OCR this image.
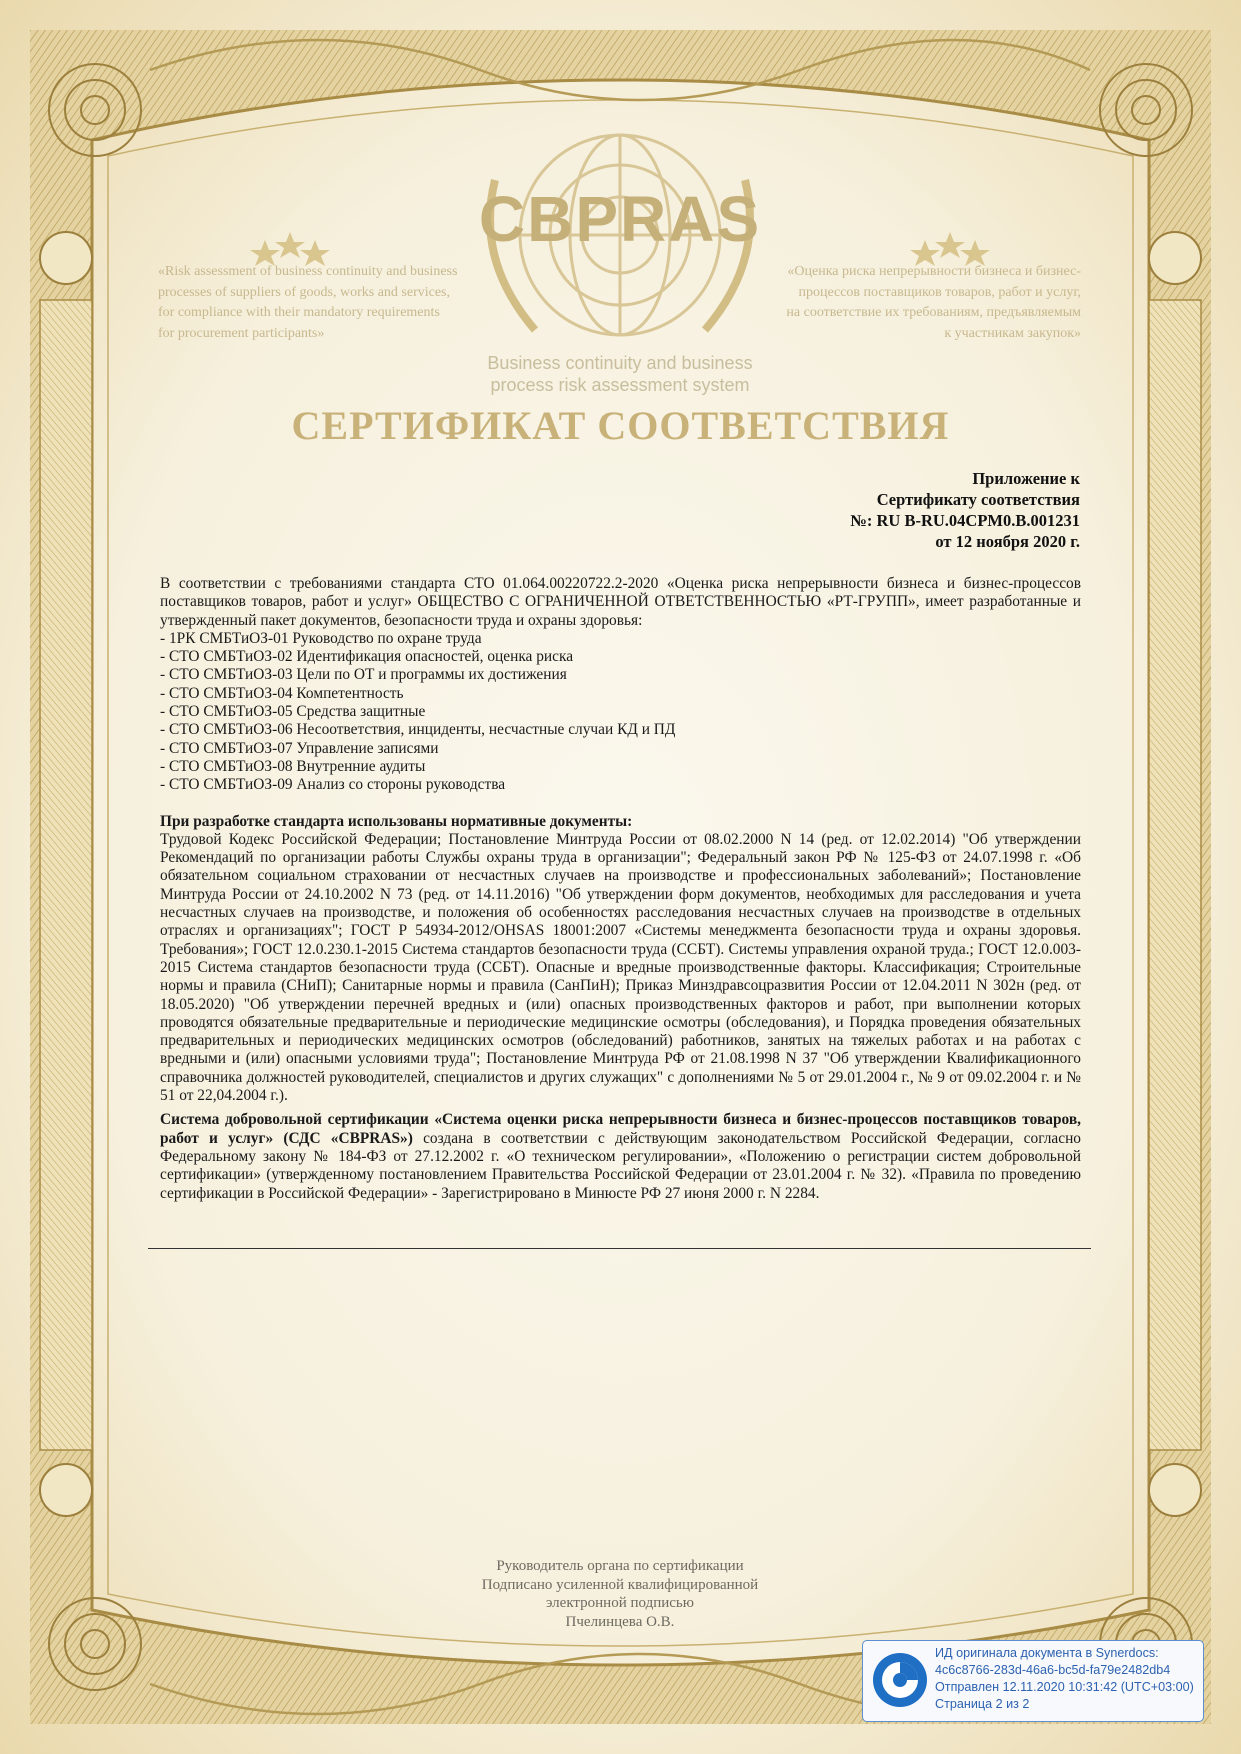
CBPRAS
«Risk assessment of business continuity and business processes of suppliers of goods, works and services, for compliance with their mandatory requirements for procurement participants»
«Оценка риска непрерывности бизнеса и бизнес-процессов поставщиков товаров, работ и услуг, на соответствие их требованиям, предъявляемым к участникам закупок»
Business continuity and business
process risk assessment system
СЕРТИФИКАТ СООТВЕТСТВИЯ
Приложение к
Сертификату соответствия
№: RU B-RU.04CPM0.B.001231
от 12 ноября 2020 г.

В соответствии с требованиями стандарта СТО 01.064.00220722.2-2020 «Оценка риска непрерывности бизнеса и бизнес-процессов поставщиков товаров, работ и услуг» ОБЩЕСТВО С ОГРАНИЧЕННОЙ ОТВЕТСТВЕННОСТЬЮ «РТ-ГРУПП», имеет разработанные и утвержденный пакет документов, безопасности труда и охраны здоровья:

- 1РК СМБТиОЗ-01 Руководство по охране труда

- СТО СМБТиОЗ-02 Идентификация опасностей, оценка риска

- СТО СМБТиОЗ-03 Цели по ОТ и программы их достижения

- СТО СМБТиОЗ-04 Компетентность

- СТО СМБТиОЗ-05 Средства защитные

- СТО СМБТиОЗ-06 Несоответствия, инциденты, несчастные случаи КД и ПД

- СТО СМБТиОЗ-07 Управление записями

- СТО СМБТиОЗ-08 Внутренние аудиты

- СТО СМБТиОЗ-09 Анализ со стороны руководства

При разработке стандарта использованы нормативные документы:

Трудовой Кодекс Российской Федерации; Постановление Минтруда России от 08.02.2000 N 14 (ред. от 12.02.2014) "Об утверждении Рекомендаций по организации работы Службы охраны труда в организации"; Федеральный закон РФ № 125-ФЗ от 24.07.1998 г. «Об обязательном социальном страховании от несчастных случаев на производстве и профессиональных заболеваний»; Постановление Минтруда России от 24.10.2002 N 73 (ред. от 14.11.2016) "Об утверждении форм документов, необходимых для расследования и учета несчастных случаев на производстве, и положения об особенностях расследования несчастных случаев на производстве в отдельных отраслях и организациях"; ГОСТ Р 54934-2012/OHSAS 18001:2007 «Системы менеджмента безопасности труда и охраны здоровья. Требования»; ГОСТ 12.0.230.1-2015 Система стандартов безопасности труда (ССБТ). Системы управления охраной труда.; ГОСТ 12.0.003-2015 Система стандартов безопасности труда (ССБТ). Опасные и вредные производственные факторы. Классификация; Строительные нормы и правила (СНиП); Санитарные нормы и правила (СанПиН); Приказ Минздравсоцразвития России от 12.04.2011 N 302н (ред. от 18.05.2020) "Об утверждении перечней вредных и (или) опасных производственных факторов и работ, при выполнении которых проводятся обязательные предварительные и периодические медицинские осмотры (обследования), и Порядка проведения обязательных предварительных и периодических медицинских осмотров (обследований) работников, занятых на тяжелых работах и на работах с вредными и (или) опасными условиями труда"; Постановление Минтруда РФ от 21.08.1998 N 37 "Об утверждении Квалификационного справочника должностей руководителей, специалистов и других служащих" с дополнениями № 5 от 29.01.2004 г., № 9 от 09.02.2004 г. и № 51 от 22,04.2004 г.).

Система добровольной сертификации «Система оценки риска непрерывности бизнеса и бизнес-процессов поставщиков товаров, работ и услуг» (СДС «CBPRAS») создана в соответствии с действующим законодательством Российской Федерации, согласно Федеральному закону № 184-ФЗ от 27.12.2002 г. «О техническом регулировании», «Положению о регистрации систем добровольной сертификации» (утвержденному постановлением Правительства Российской Федерации от 23.01.2004 г. № 32). «Правила по проведению сертификации в Российской Федерации» - Зарегистрировано в Минюсте РФ 27 июня 2000 г. N 2284.

Руководитель органа по сертификации
Подписано усиленной квалифицированной
электронной подписью
Пчелинцева О.В.
ИД оригинала документа в Synerdocs:
4c6c8766-283d-46a6-bc5d-fa79e2482db4
Отправлен 12.11.2020 10:31:42 (UTC+03:00)
Страница 2 из 2
